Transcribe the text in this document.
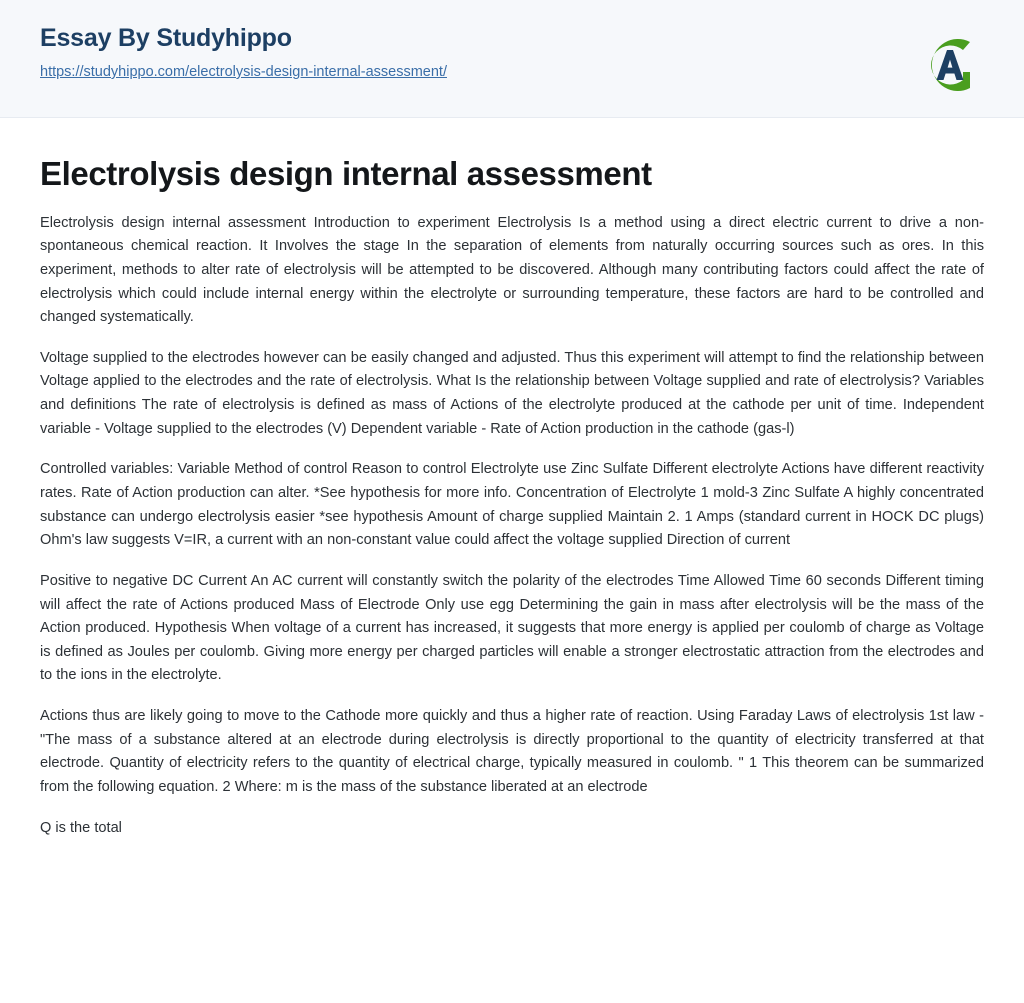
Essay By Studyhippo
https://studyhippo.com/electrolysis-design-internal-assessment/
Electrolysis design internal assessment

Electrolysis design internal assessment Introduction to experiment Electrolysis Is a method using a direct electric current to drive a non-spontaneous chemical reaction. It Involves the stage In the separation of elements from naturally occurring sources such as ores. In this experiment, methods to alter rate of electrolysis will be attempted to be discovered. Although many contributing factors could affect the rate of electrolysis which could include internal energy within the electrolyte or surrounding temperature, these factors are hard to be controlled and changed systematically.

Voltage supplied to the electrodes however can be easily changed and adjusted. Thus this experiment will attempt to find the relationship between Voltage applied to the electrodes and the rate of electrolysis. What Is the relationship between Voltage supplied and rate of electrolysis? Variables and definitions The rate of electrolysis is defined as mass of Actions of the electrolyte produced at the cathode per unit of time. Independent variable - Voltage supplied to the electrodes (V) Dependent variable - Rate of Action production in the cathode (gas-l)

Controlled variables: Variable Method of control Reason to control Electrolyte use Zinc Sulfate Different electrolyte Actions have different reactivity rates. Rate of Action production can alter. *See hypothesis for more info. Concentration of Electrolyte 1 mold-3 Zinc Sulfate A highly concentrated substance can undergo electrolysis easier *see hypothesis Amount of charge supplied Maintain 2. 1 Amps (standard current in HOCK DC plugs) Ohm's law suggests V=IR, a current with an non-constant value could affect the voltage supplied Direction of current

Positive to negative DC Current An AC current will constantly switch the polarity of the electrodes Time Allowed Time 60 seconds Different timing will affect the rate of Actions produced Mass of Electrode Only use egg Determining the gain in mass after electrolysis will be the mass of the Action produced. Hypothesis When voltage of a current has increased, it suggests that more energy is applied per coulomb of charge as Voltage is defined as Joules per coulomb. Giving more energy per charged particles will enable a stronger electrostatic attraction from the electrodes and to the ions in the electrolyte.

Actions thus are likely going to move to the Cathode more quickly and thus a higher rate of reaction. Using Faraday Laws of electrolysis 1st law - "The mass of a substance altered at an electrode during electrolysis is directly proportional to the quantity of electricity transferred at that electrode. Quantity of electricity refers to the quantity of electrical charge, typically measured in coulomb. " 1 This theorem can be summarized from the following equation. 2 Where: m is the mass of the substance liberated at an electrode

Q is the total
